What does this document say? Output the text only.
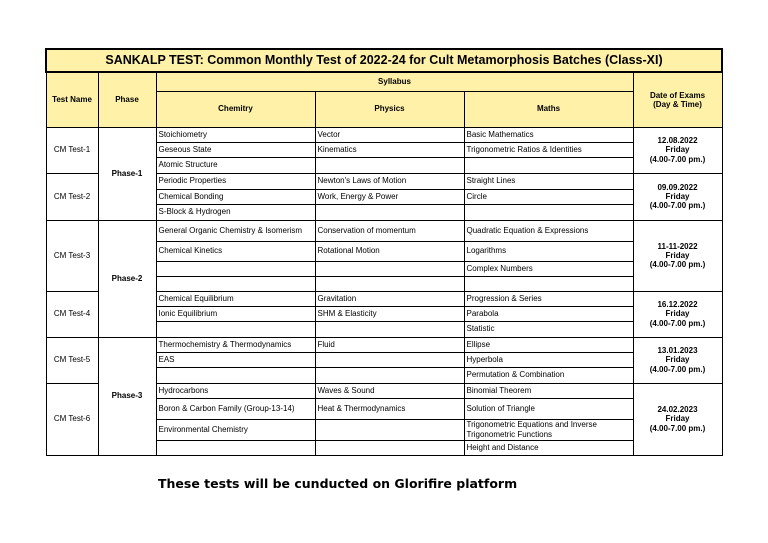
SANKALP TEST: Common Monthly Test of 2022-24 for Cult Metamorphosis Batches (Class-XI)					
Test Name	Phase	Syllabus			Date of Exams
(Day & Time)
		Chemitry	Physics	Maths	
CM Test-1	Phase-1	Stoichiometry	Vector	Basic Mathematics	12.08.2022
Friday
(4.00-7.00 pm.)
		Geseous State	Kinematics	Trigonometric Ratios & Identities	
		Atomic Structure			
CM Test-2		Periodic Properties	Newton's Laws of Motion	Straight Lines	09.09.2022
Friday
(4.00-7.00 pm.)
		Chemical Bonding	Work, Energy & Power	Circle	
		S-Block & Hydrogen			
CM Test-3	Phase-2	General Organic Chemistry & Isomerism	Conservation of momentum	Quadratic Equation & Expressions	11-11-2022
Friday
(4.00-7.00 pm.)
		Chemical Kinetics	Rotational Motion	Logarithms	
				Complex Numbers	

CM Test-4		Chemical Equilibrium	Gravitation	Progression & Series	16.12.2022
Friday
(4.00-7.00 pm.)
		Ionic Equilibrium	SHM & Elasticity	Parabola	
				Statistic	
CM Test-5	Phase-3	Thermochemistry & Thermodynamics	Fluid	Ellipse	13.01.2023
Friday
(4.00-7.00 pm.)
		EAS		Hyperbola	
				Permutation & Combination	
CM Test-6		Hydrocarbons	Waves & Sound	Binomial Theorem	24.02.2023
Friday
(4.00-7.00 pm.)
		Boron & Carbon Family (Group-13-14)	Heat & Thermodynamics	Solution of Triangle	
		Environmental Chemistry		Trigonometric Equations and Inverse Trigonometric Functions	
				Height and Distance	
These tests will be cunducted on Glorifire platform
